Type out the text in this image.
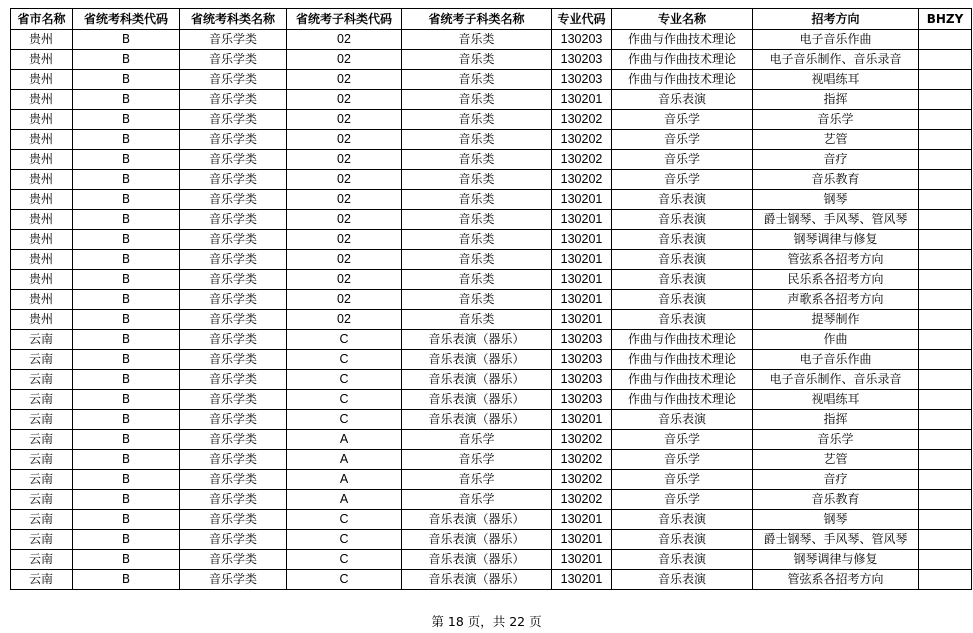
省市名称	省统考科类代码	省统考科类名称	省统考子科类代码	省统考子科类名称	专业代码	专业名称	招考方向	BHZY
贵州	B	音乐学类	02	音乐类	130203	作曲与作曲技术理论	电子音乐作曲	
贵州	B	音乐学类	02	音乐类	130203	作曲与作曲技术理论	电子音乐制作、音乐录音	
贵州	B	音乐学类	02	音乐类	130203	作曲与作曲技术理论	视唱练耳	
贵州	B	音乐学类	02	音乐类	130201	音乐表演	指挥	
贵州	B	音乐学类	02	音乐类	130202	音乐学	音乐学	
贵州	B	音乐学类	02	音乐类	130202	音乐学	艺管	
贵州	B	音乐学类	02	音乐类	130202	音乐学	音疗	
贵州	B	音乐学类	02	音乐类	130202	音乐学	音乐教育	
贵州	B	音乐学类	02	音乐类	130201	音乐表演	钢琴	
贵州	B	音乐学类	02	音乐类	130201	音乐表演	爵士钢琴、手风琴、管风琴	
贵州	B	音乐学类	02	音乐类	130201	音乐表演	钢琴调律与修复	
贵州	B	音乐学类	02	音乐类	130201	音乐表演	管弦系各招考方向	
贵州	B	音乐学类	02	音乐类	130201	音乐表演	民乐系各招考方向	
贵州	B	音乐学类	02	音乐类	130201	音乐表演	声歌系各招考方向	
贵州	B	音乐学类	02	音乐类	130201	音乐表演	提琴制作	
云南	B	音乐学类	C	音乐表演（器乐）	130203	作曲与作曲技术理论	作曲	
云南	B	音乐学类	C	音乐表演（器乐）	130203	作曲与作曲技术理论	电子音乐作曲	
云南	B	音乐学类	C	音乐表演（器乐）	130203	作曲与作曲技术理论	电子音乐制作、音乐录音	
云南	B	音乐学类	C	音乐表演（器乐）	130203	作曲与作曲技术理论	视唱练耳	
云南	B	音乐学类	C	音乐表演（器乐）	130201	音乐表演	指挥	
云南	B	音乐学类	A	音乐学	130202	音乐学	音乐学	
云南	B	音乐学类	A	音乐学	130202	音乐学	艺管	
云南	B	音乐学类	A	音乐学	130202	音乐学	音疗	
云南	B	音乐学类	A	音乐学	130202	音乐学	音乐教育	
云南	B	音乐学类	C	音乐表演（器乐）	130201	音乐表演	钢琴	
云南	B	音乐学类	C	音乐表演（器乐）	130201	音乐表演	爵士钢琴、手风琴、管风琴	
云南	B	音乐学类	C	音乐表演（器乐）	130201	音乐表演	钢琴调律与修复	
云南	B	音乐学类	C	音乐表演（器乐）	130201	音乐表演	管弦系各招考方向	
第 18 页，共 22 页
